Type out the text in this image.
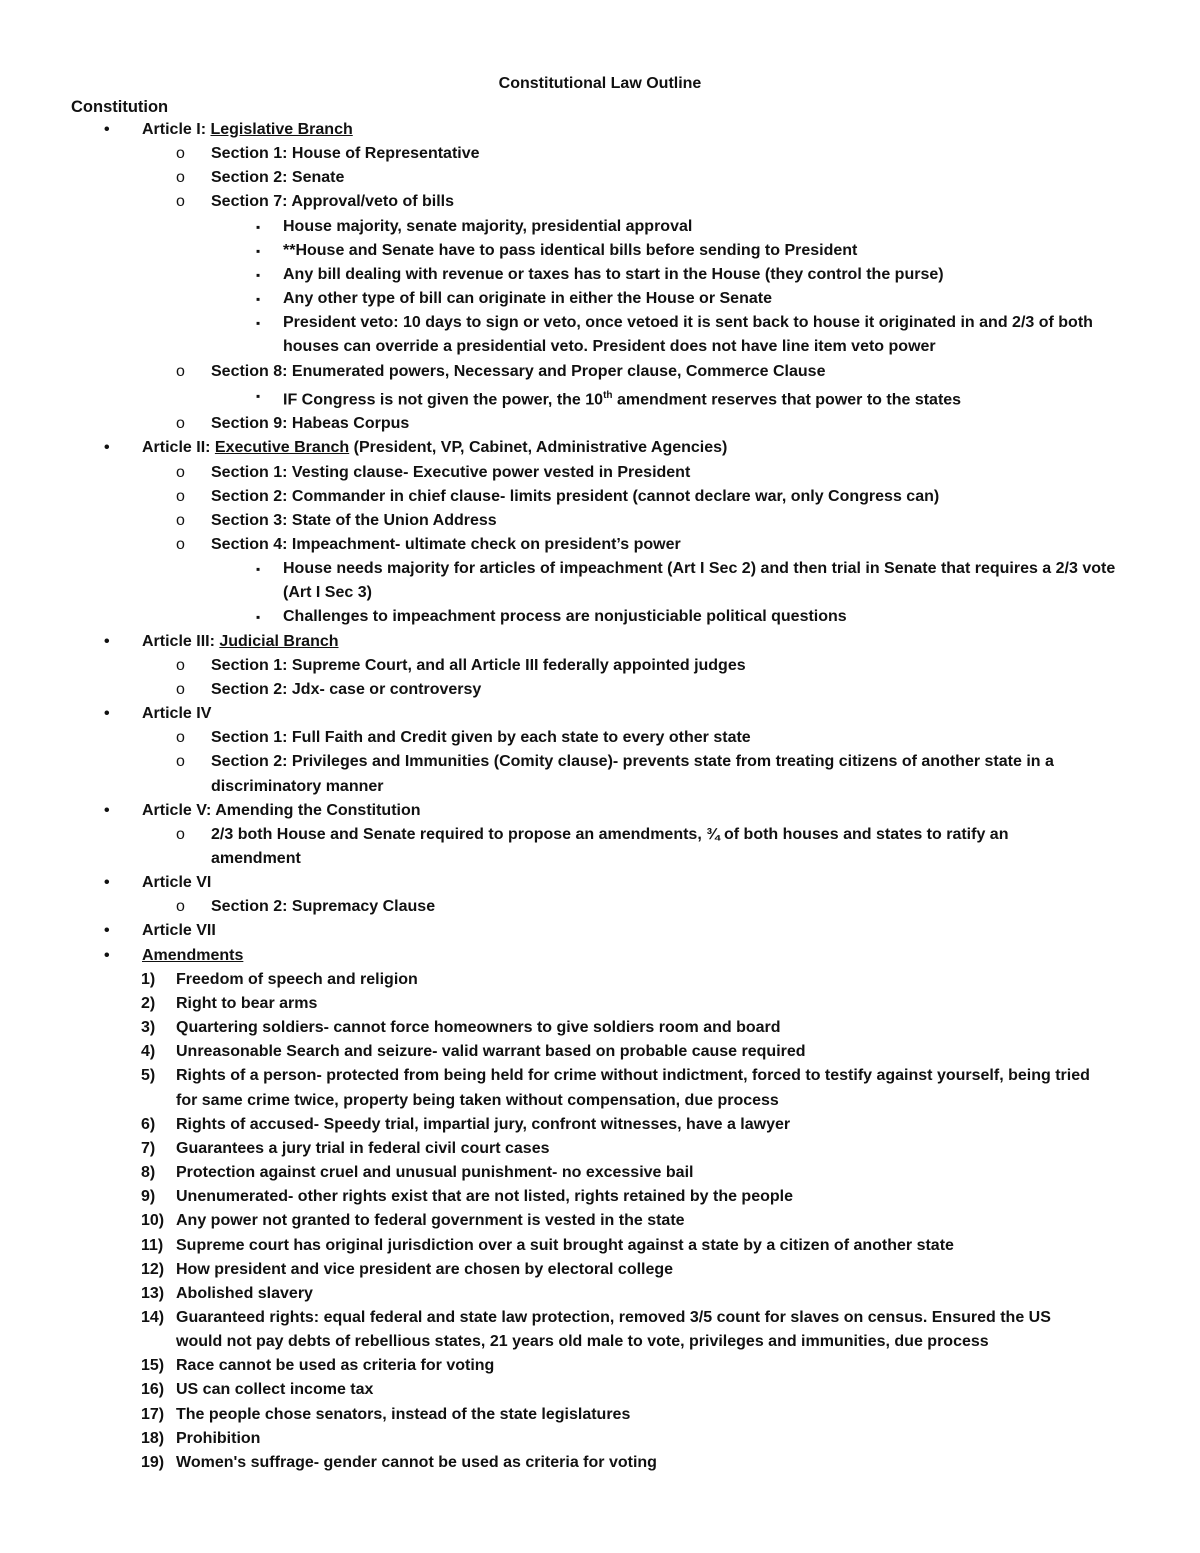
Constitutional Law Outline
Constitution
• Article I: Legislative Branch
o Section 1: House of Representative
o Section 2: Senate
o Section 7: Approval/veto of bills
▪ House majority, senate majority, presidential approval
▪ **House and Senate have to pass identical bills before sending to President
▪ Any bill dealing with revenue or taxes has to start in the House (they control the purse)
▪ Any other type of bill can originate in either the House or Senate
▪ President veto: 10 days to sign or veto, once vetoed it is sent back to house it originated in and 2/3 of both houses can override a presidential veto. President does not have line item veto power
o Section 8: Enumerated powers, Necessary and Proper clause, Commerce Clause
▪ IF Congress is not given the power, the 10th amendment reserves that power to the states
o Section 9: Habeas Corpus
• Article II: Executive Branch (President, VP, Cabinet, Administrative Agencies)
o Section 1: Vesting clause- Executive power vested in President
o Section 2: Commander in chief clause- limits president (cannot declare war, only Congress can)
o Section 3: State of the Union Address
o Section 4: Impeachment- ultimate check on president’s power
▪ House needs majority for articles of impeachment (Art I Sec 2) and then trial in Senate that requires a 2/3 vote (Art I Sec 3)
▪ Challenges to impeachment process are nonjusticiable political questions
• Article III: Judicial Branch
o Section 1: Supreme Court, and all Article III federally appointed judges
o Section 2: Jdx- case or controversy
• Article IV
o Section 1: Full Faith and Credit given by each state to every other state
o Section 2: Privileges and Immunities (Comity clause)- prevents state from treating citizens of another state in a discriminatory manner
• Article V: Amending the Constitution
o 2/3 both House and Senate required to propose an amendments, ¾ of both houses and states to ratify an amendment
• Article VI
o Section 2: Supremacy Clause
• Article VII
• Amendments
1) Freedom of speech and religion
2) Right to bear arms
3) Quartering soldiers- cannot force homeowners to give soldiers room and board
4) Unreasonable Search and seizure- valid warrant based on probable cause required
5) Rights of a person- protected from being held for crime without indictment, forced to testify against yourself, being tried for same crime twice, property being taken without compensation, due process
6) Rights of accused- Speedy trial, impartial jury, confront witnesses, have a lawyer
7) Guarantees a jury trial in federal civil court cases
8) Protection against cruel and unusual punishment- no excessive bail
9) Unenumerated- other rights exist that are not listed, rights retained by the people
10) Any power not granted to federal government is vested in the state
11) Supreme court has original jurisdiction over a suit brought against a state by a citizen of another state
12) How president and vice president are chosen by electoral college
13) Abolished slavery
14) Guaranteed rights: equal federal and state law protection, removed 3/5 count for slaves on census. Ensured the US would not pay debts of rebellious states, 21 years old male to vote, privileges and immunities, due process
15) Race cannot be used as criteria for voting
16) US can collect income tax
17) The people chose senators, instead of the state legislatures
18) Prohibition
19) Women's suffrage- gender cannot be used as criteria for voting
